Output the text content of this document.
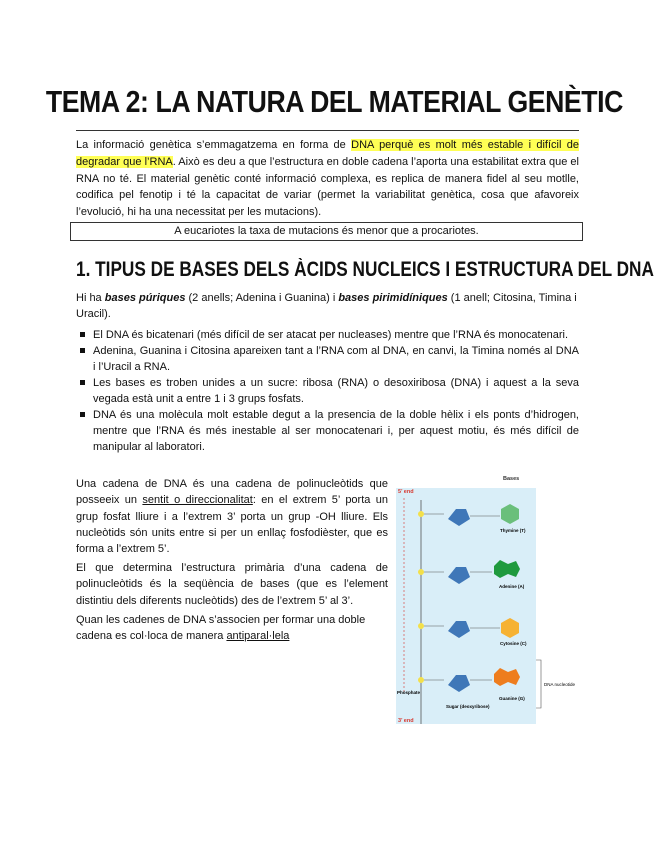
TEMA 2: LA NATURA DEL MATERIAL GENÈTIC

La informació genètica s’emmagatzema en forma de DNA perquè es molt més estable i difícil de degradar que l’RNA. Això es deu a que l’estructura en doble cadena l’aporta una estabilitat extra que el RNA no té. El material genètic conté informació complexa, es replica de manera fidel al seu motlle, codifica pel fenotip i té la capacitat de variar (permet la variabilitat genètica, cosa que afavoreix l’evolució, hi ha una necessitat per les mutacions).

A eucariotes la taxa de mutacions és menor que a procariotes.
1. TIPUS DE BASES DELS ÀCIDS NUCLEICS I ESTRUCTURA DEL DNA

Hi ha bases púriques (2 anells; Adenina i Guanina) i bases pirimidíniques (1 anell; Citosina, Timina i Uracil).

El DNA és bicatenari (més difícil de ser atacat per nucleases) mentre que l’RNA és monocatenari.
Adenina, Guanina i Citosina apareixen tant a l’RNA com al DNA, en canvi, la Timina només al DNA i l’Uracil a RNA.
Les bases es troben unides a un sucre: ribosa (RNA) o desoxiribosa (DNA) i aquest a la seva vegada està unit a entre 1 i 3 grups fosfats.
DNA és una molècula molt estable degut a la presencia de la doble hèlix i els ponts d’hidrogen, mentre que l’RNA és més inestable al ser monocatenari i, per aquest motiu, és més difícil de manipular al laboratori.

Una cadena de DNA és una cadena de polinucleòtids que posseeix un sentit o direccionalitat: en el extrem 5’ porta un grup fosfat lliure i a l’extrem 3’ porta un grup -OH lliure. Els nucleòtids són units entre si per un enllaç fosfodièster, que es forma a l’extrem 5’.

El que determina l’estructura primària d’una cadena de polinucleòtids és la seqüència de bases (que es l’element distintiu dels diferents nucleòtids) des de l’extrem 5’ al 3’.

Quan les cadenes de DNA s’associen per formar una doble cadena es col·loca de manera antiparal·lela

5’ end
Bases
Thymine (T)
Adenine (A)
Cytosine (C)
Guanine (G)
Phosphate
Sugar (deoxyribose)
DNA nucleotide
3’ end
